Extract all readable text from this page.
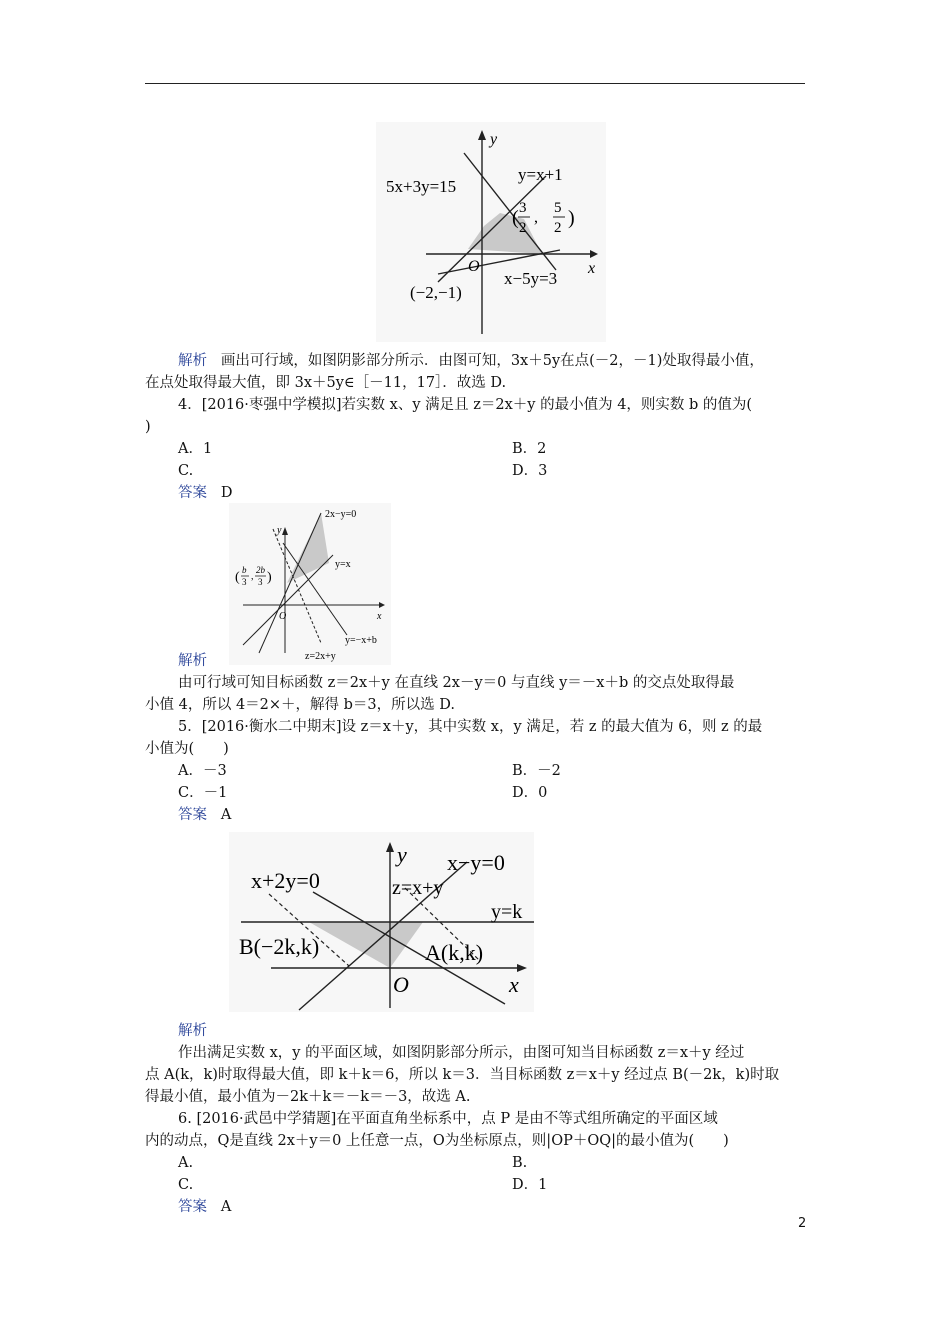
y
x
5x+3y=15
y=x+1
( 3
2
,
5
2 )
O
x−5y=3
(−2,−1)
解析 画出可行域，如图阴影部分所示．由图可知，3x＋5y在点(－2，－1)处取得最小值，
在点处取得最大值，即 3x＋5y∈［－11，17］．故选 D.
4．[2016·枣强中学模拟]若实数 x、y 满足且 z＝2x＋y 的最小值为 4，则实数 b 的值为(
)
A．1	B．2
C.	D．3
答案 D
2x−y=0
y=x
y=−x+b
z=2x+y
y
x
O
( b
3 ,
2b
3 )
解析
由可行域可知目标函数 z＝2x＋y 在直线 2x－y＝0 与直线 y＝－x＋b 的交点处取得最
小值 4，所以 4＝2×＋，解得 b＝3，所以选 D.
5．[2016·衡水二中期末]设 z＝x＋y，其中实数 x，y 满足，若 z 的最大值为 6，则 z 的最
小值为(　　)
A．－3	B．－2
C．－1	D．0
答案 A
y
x
O
x+2y=0
x−y=0
z=x+y
y=k
B(−2k,k)	A(k,k)
解析
作出满足实数 x，y 的平面区域，如图阴影部分所示，由图可知当目标函数 z＝x＋y 经过
点 A(k，k)时取得最大值，即 k＋k＝6，所以 k＝3．当目标函数 z＝x＋y 经过点 B(－2k，k)时取
得最小值，最小值为－2k＋k＝－k＝－3，故选 A.
6. [2016·武邑中学猜题]在平面直角坐标系中，点 P 是由不等式组所确定的平面区域
内的动点，Q是直线 2x＋y＝0 上任意一点，O为坐标原点，则|OP＋OQ|的最小值为(　　)
A.	B.
C.	D．1
答案 A
2
